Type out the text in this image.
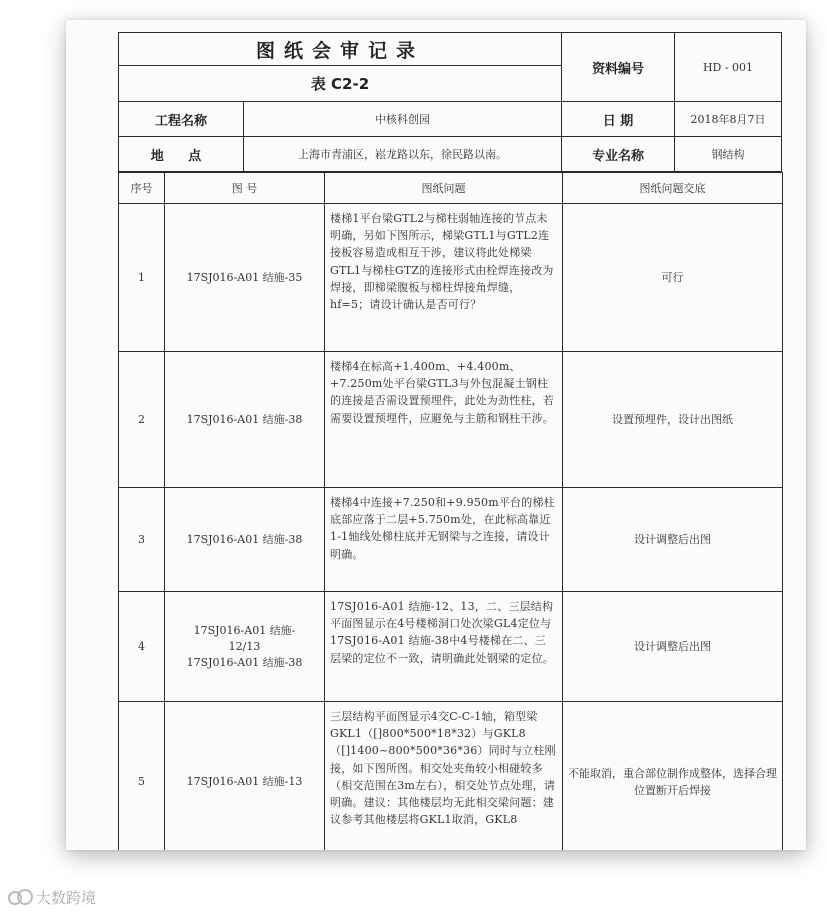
图纸会审记录
表 C2-2
资料编号	HD - 001
工程名称	中核科创园	日 期	2018年8月7日
地 点	上海市青浦区，崧龙路以东，徐民路以南。	专业名称	钢结构
序号	图 号	图纸问题	图纸问题交底
1	17SJ016-A01 结施-35	楼梯1平台梁GTL2与梯柱弱轴连接的节点未明确，另如下图所示，梯梁GTL1与GTL2连接板容易造成相互干涉，建议将此处梯梁GTL1与梯柱GTZ的连接形式由栓焊连接改为焊接，即梯梁腹板与梯柱焊接角焊缝，hf=5；请设计确认是否可行？	可行
2	17SJ016-A01 结施-38	楼梯4在标高+1.400m、+4.400m、+7.250m处平台梁GTL3与外包混凝土钢柱的连接是否需设置预埋件，此处为劲性柱，若需要设置预埋件，应避免与主筋和钢柱干涉。	设置预埋件，设计出图纸
3	17SJ016-A01 结施-38	楼梯4中连接+7.250和+9.950m平台的梯柱底部应落于二层+5.750m处，在此标高靠近1-1轴线处梯柱底并无钢梁与之连接，请设计明确。	设计调整后出图
4	17SJ016-A01 结施-
12/13
17SJ016-A01 结施-38	17SJ016-A01 结施-12、13，二、三层结构平面图显示在4号楼梯洞口处次梁GL4定位与17SJ016-A01 结施-38中4号楼梯在二、三层梁的定位不一致，请明确此处钢梁的定位。	设计调整后出图
5	17SJ016-A01 结施-13	三层结构平面图显示4交C-C-1轴，箱型梁GKL1（[]800*500*18*32）与GKL8（[]1400~800*500*36*36）同时与立柱刚接，如下图所图。相交处夹角较小相碰较多（相交范围在3m左右），相交处节点处理，请明确。建议：其他楼层均无此相交梁问题：建议参考其他楼层将GKL1取消，GKL8	不能取消，重合部位制作成整体，选择合理位置断开后焊接
大数跨境
